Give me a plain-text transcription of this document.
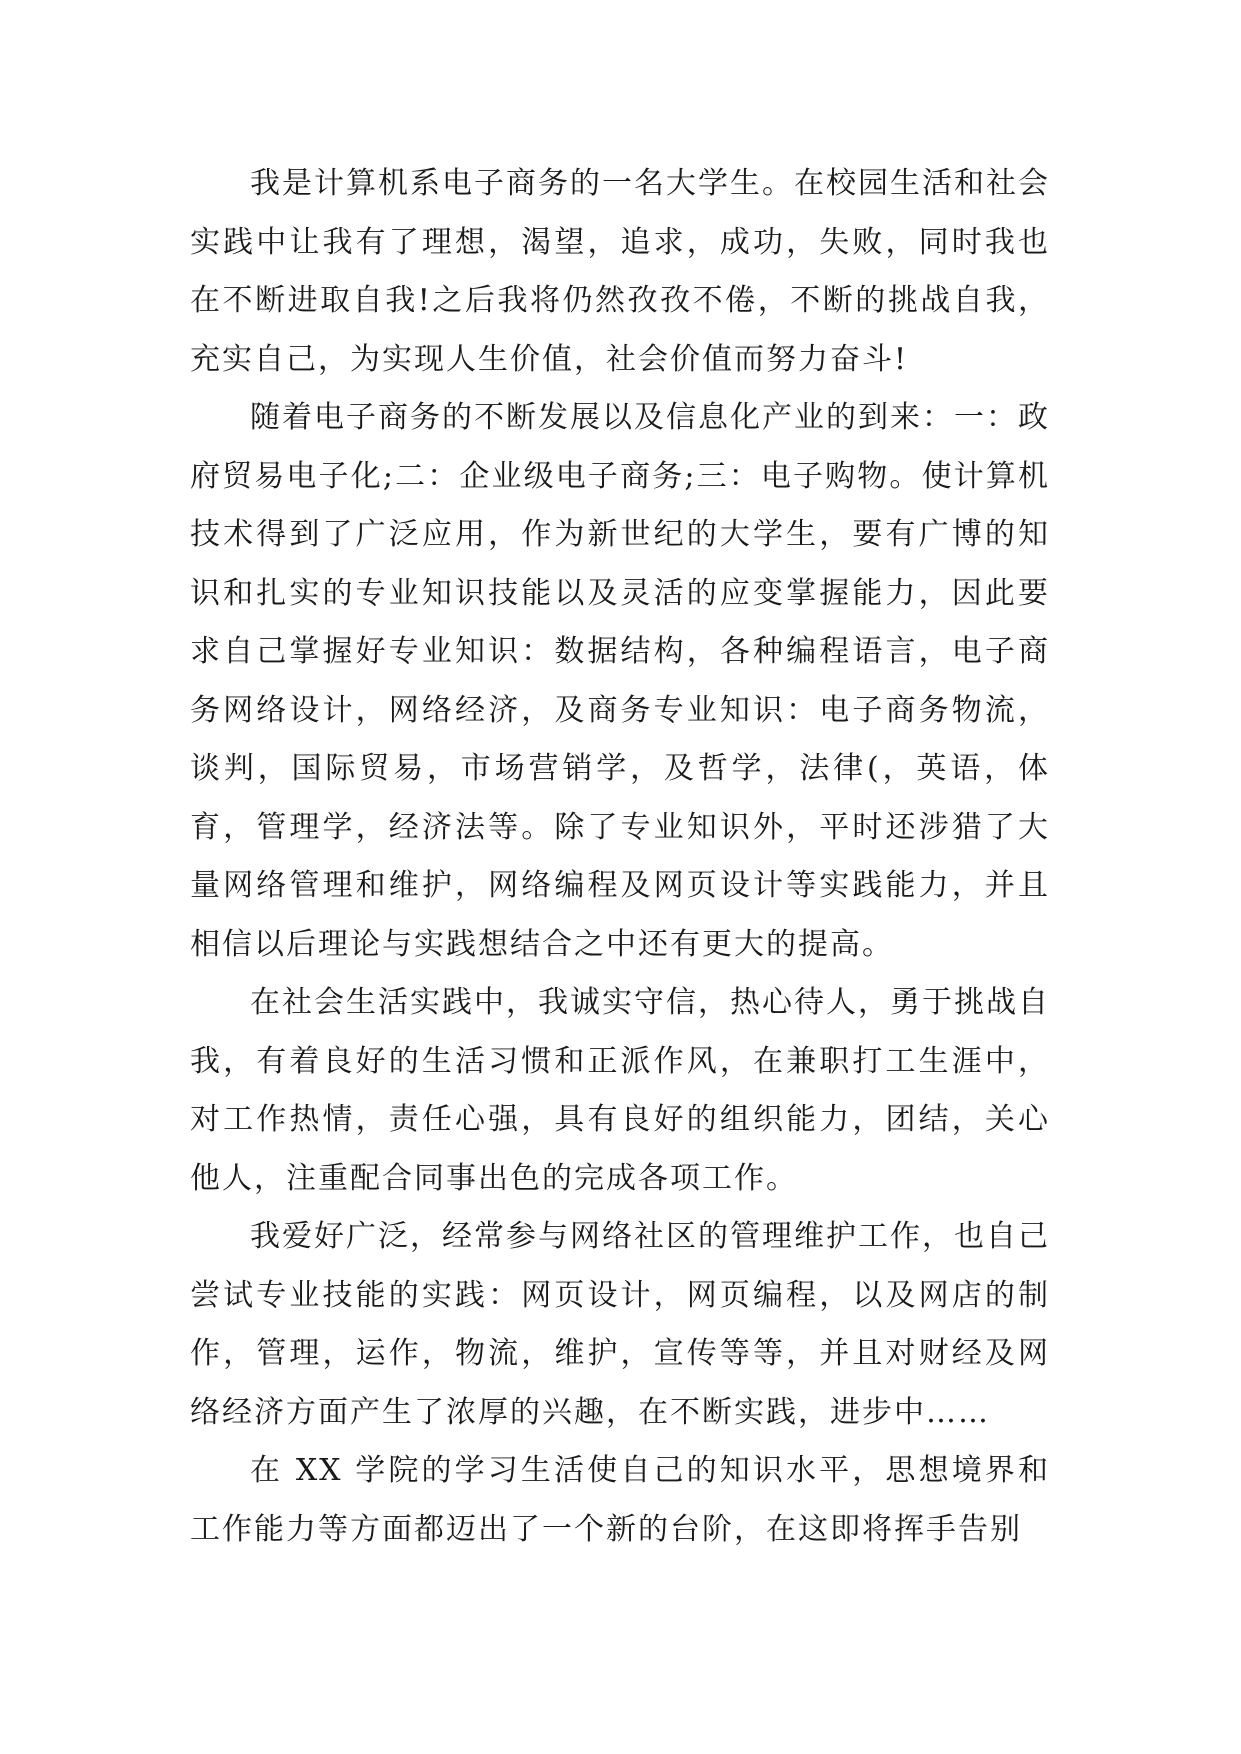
我是计算机系电子商务的一名大学生。在校园生活和社会实践中让我有了理想，渴望，追求，成功，失败，同时我也在不断进取自我!之后我将仍然孜孜不倦，不断的挑战自我，充实自己，为实现人生价值，社会价值而努力奋斗!

随着电子商务的不断发展以及信息化产业的到来：一：政府贸易电子化;二：企业级电子商务;三：电子购物。使计算机技术得到了广泛应用，作为新世纪的大学生，要有广博的知识和扎实的专业知识技能以及灵活的应变掌握能力，因此要求自己掌握好专业知识：数据结构，各种编程语言，电子商务网络设计，网络经济，及商务专业知识：电子商务物流，谈判，国际贸易，市场营销学，及哲学，法律(，英语，体育，管理学，经济法等。除了专业知识外，平时还涉猎了大量网络管理和维护，网络编程及网页设计等实践能力，并且相信以后理论与实践想结合之中还有更大的提高。

在社会生活实践中，我诚实守信，热心待人，勇于挑战自我，有着良好的生活习惯和正派作风，在兼职打工生涯中，对工作热情，责任心强，具有良好的组织能力，团结，关心他人，注重配合同事出色的完成各项工作。

我爱好广泛，经常参与网络社区的管理维护工作，也自己尝试专业技能的实践：网页设计，网页编程，以及网店的制作，管理，运作，物流，维护，宣传等等，并且对财经及网络经济方面产生了浓厚的兴趣，在不断实践，进步中……

在 XX 学院的学习生活使自己的知识水平，思想境界和工作能力等方面都迈出了一个新的台阶，在这即将挥手告别
